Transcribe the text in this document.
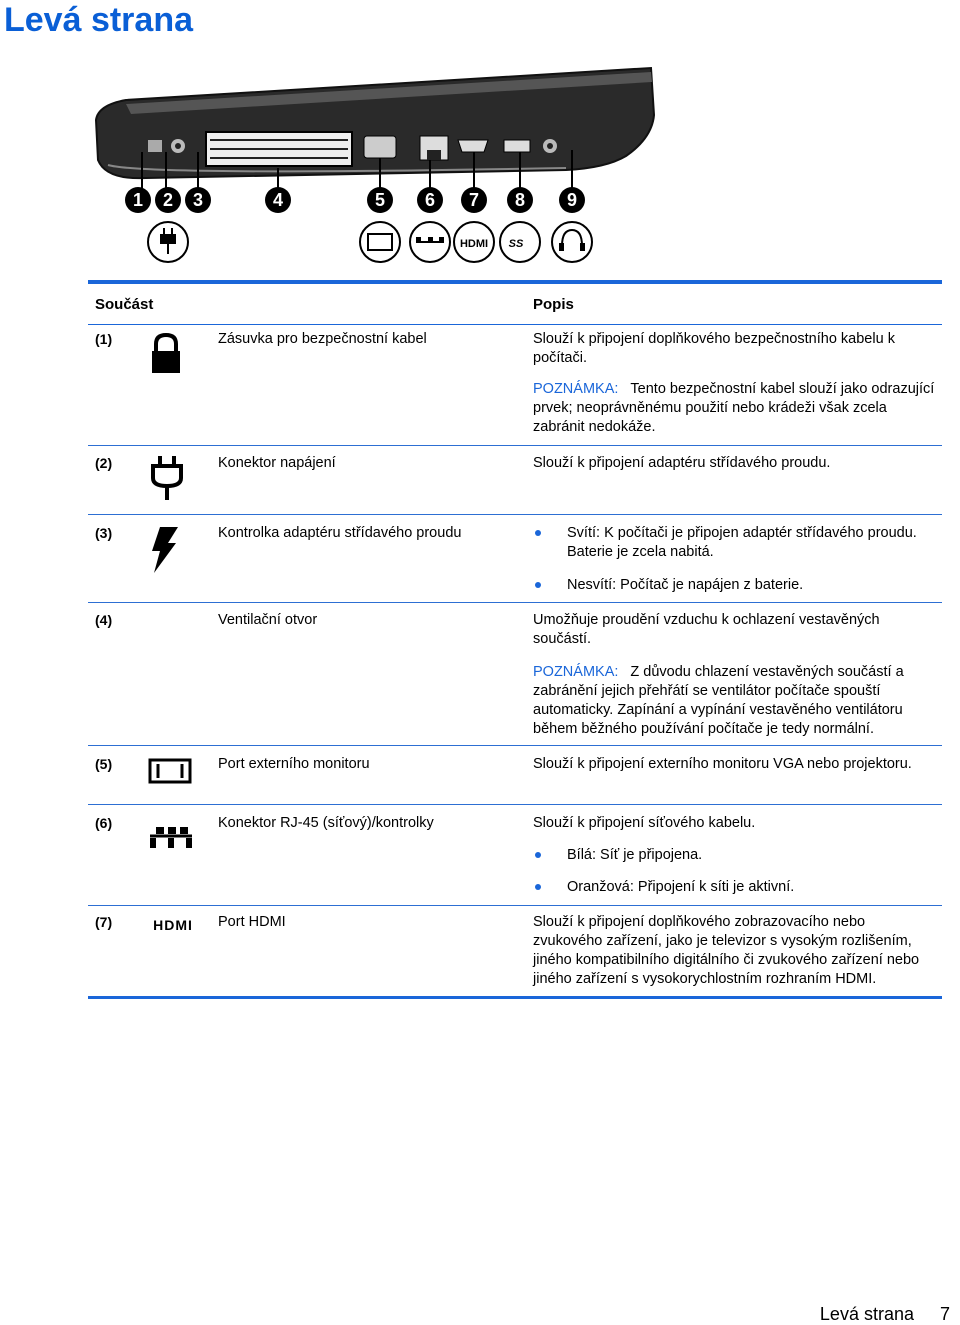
Levá strana
1 2 3	4	5 6 7 8 9
HDMI SS
Součást	Popis
(1)	Zásuvka pro bezpečnostní kabel	Slouží k připojení doplňkového bezpečnostního kabelu k počítači.

POZNÁMKA: Tento bezpečnostní kabel slouží jako odrazující prvek; neoprávněnému použití nebo krádeži však zcela zabránit nedokáže.

(2)	Konektor napájení	Slouží k připojení adaptéru střídavého proudu.
(3)	Kontrolka adaptéru střídavého proudu	Svítí: K počítači je připojen adaptér střídavého proudu. Baterie je zcela nabitá.

Nesvítí: Počítač je napájen z baterie.

(4)	Ventilační otvor	Umožňuje proudění vzduchu k ochlazení vestavěných součástí.

POZNÁMKA: Z důvodu chlazení vestavěných součástí a zabránění jejich přehřátí se ventilátor počítače spouští automaticky. Zapínání a vypínání vestavěného ventilátoru během běžného používání počítače je tedy normální.

(5)	Port externího monitoru	Slouží k připojení externího monitoru VGA nebo projektoru.
(6)	Konektor RJ-45 (síťový)/kontrolky	Slouží k připojení síťového kabelu.

Bílá: Síť je připojena.

Oranžová: Připojení k síti je aktivní.

(7)	HDMI Port HDMI	Slouží k připojení doplňkového zobrazovacího nebo zvukového zařízení, jako je televizor s vysokým rozlišením, jiného kompatibilního digitálního či zvukového zařízení nebo jiného zařízení s vysokorychlostním rozhraním HDMI.
Levá strana 7
